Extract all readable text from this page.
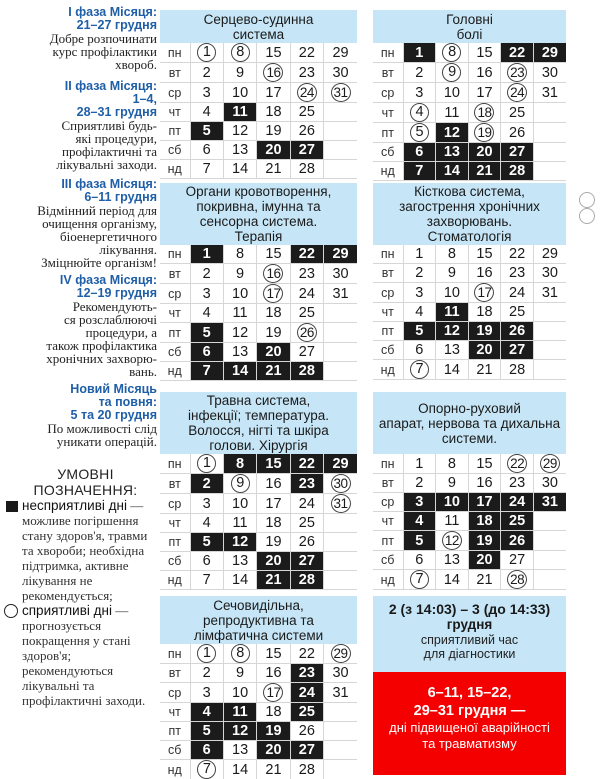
I фаза Місяця:
21–27 грудня
Добре розпочинати
курс профілактики
хвороб.
II фаза Місяця:
1–4,
28–31 грудня
Сприятливі будь-
які процедури,
профілактичні та
лікувальні заходи.
III фаза Місяця:
6–11 грудня
Відмінний період для
очищення організму,
біоенергетичного
лікування.
Зміцнюйте організм!
IV фаза Місяця:
12–19 грудня
Рекомендують-
ся розслаблюючі
процедури, а
також профілактика
хронічних захворю-
вань.
Новий Місяць
та повня:
5 та 20 грудня
По можливості слід
уникати операцій.
УМОВНІ
ПОЗНАЧЕННЯ:
несприятливі дні — можливе погіршення стану здоров'я, травми та хвороби; необхідна підтримка, активне лікування не рекомендується;
сприятливі дні — прогнозується покращення у стані здоров'я; рекомендуються лікувальні та профілактичні заходи.
Серцево-судинна
система
пн	1	8	15	22	29
вт	2	9	16	23	30
ср	3	10	17	24	31
чт	4	11	18	25	
пт	5	12	19	26	
сб	6	13	20	27	
нд	7	14	21	28	
Головні
болі
пн	1	8	15	22	29
вт	2	9	16	23	30
ср	3	10	17	24	31
чт	4	11	18	25	
пт	5	12	19	26	
сб	6	13	20	27	
нд	7	14	21	28	
Органи кровотворення,
покривна, імунна та
сенсорна система.
Терапія
пн	1	8	15	22	29
вт	2	9	16	23	30
ср	3	10	17	24	31
чт	4	11	18	25	
пт	5	12	19	26	
сб	6	13	20	27	
нд	7	14	21	28	
Кісткова система,
загострення хронічних
захворювань.
Стоматологія
пн	1	8	15	22	29
вт	2	9	16	23	30
ср	3	10	17	24	31
чт	4	11	18	25	
пт	5	12	19	26	
сб	6	13	20	27	
нд	7	14	21	28	
Травна система,
інфекції; температура.
Волосся, нігті та шкіра
голови. Хірургія
пн	1	8	15	22	29
вт	2	9	16	23	30
ср	3	10	17	24	31
чт	4	11	18	25	
пт	5	12	19	26	
сб	6	13	20	27	
нд	7	14	21	28	
Опорно-руховий
апарат, нервова та дихальна
системи.
пн	1	8	15	22	29
вт	2	9	16	23	30
ср	3	10	17	24	31
чт	4	11	18	25	
пт	5	12	19	26	
сб	6	13	20	27	
нд	7	14	21	28	
Сечовидільна,
репродуктивна та
лімфатична системи
пн	1	8	15	22	29
вт	2	9	16	23	30
ср	3	10	17	24	31
чт	4	11	18	25	
пт	5	12	19	26	
сб	6	13	20	27	
нд	7	14	21	28	
2 (з 14:03) – 3 (до 14:33)
грудня
сприятливий час
для діагностики
6–11, 15–22,
29–31 грудня —
дні підвищеної аварійності
та травматизму
